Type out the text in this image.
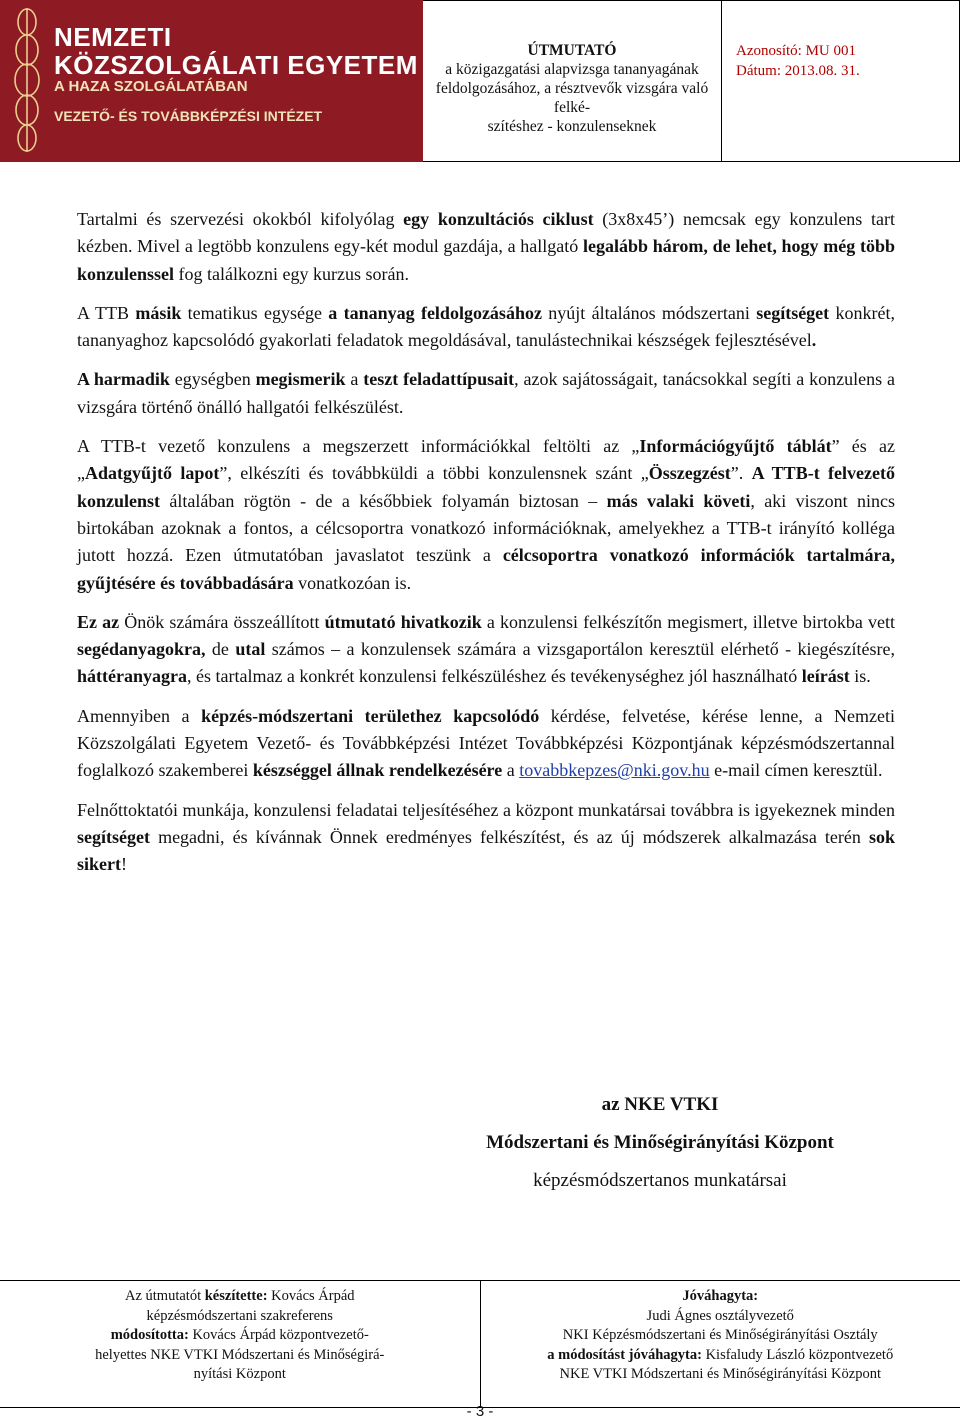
NEMZETI
KÖZSZOLGÁLATI EGYETEM
A HAZA SZOLGÁLATÁBAN
VEZETŐ- ÉS TOVÁBBKÉPZÉSI INTÉZET
ÚTMUTATÓ
a közigazgatási alapvizsga tananyagának
feldolgozásához, a résztvevők vizsgára való felké-
szítéshez - konzulenseknek
Azonosító: MU 001
Dátum: 2013.08. 31.

Tartalmi és szervezési okokból kifolyólag egy konzultációs ciklust (3x8x45’) nemcsak egy konzulens tart kézben. Mivel a legtöbb konzulens egy-két modul gazdája, a hallgató legalább három, de lehet, hogy még több konzulenssel fog találkozni egy kurzus során.

A TTB másik tematikus egysége a tananyag feldolgozásához nyújt általános módszertani segítséget konkrét, tananyaghoz kapcsolódó gyakorlati feladatok megoldásával, tanulástechnikai készségek fejlesztésével.

A harmadik egységben megismerik a teszt feladattípusait, azok sajátosságait, tanácsokkal segíti a konzulens a vizsgára történő önálló hallgatói felkészülést.

A TTB-t vezető konzulens a megszerzett információkkal feltölti az „Információgyűjtő táblát” és az „Adatgyűjtő lapot”, elkészíti és továbbküldi a többi konzulensnek szánt „Összegzést”. A TTB-t felvezető konzulenst általában rögtön - de a későbbiek folyamán biztosan – más valaki követi, aki viszont nincs birtokában azoknak a fontos, a célcsoportra vonatkozó információknak, amelyekhez a TTB-t irányító kolléga jutott hozzá. Ezen útmutatóban javaslatot teszünk a célcsoportra vonatkozó információk tartalmára, gyűjtésére és továbbadására vonatkozóan is.

Ez az Önök számára összeállított útmutató hivatkozik a konzulensi felkészítőn megismert, illetve birtokba vett segédanyagokra, de utal számos – a konzulensek számára a vizsgaportálon keresztül elérhető - kiegészítésre, háttéranyagra, és tartalmaz a konkrét konzulensi felkészüléshez és tevékenységhez jól használható leírást is.

Amennyiben a képzés-módszertani területhez kapcsolódó kérdése, felvetése, kérése lenne, a Nemzeti Közszolgálati Egyetem Vezető- és Továbbképzési Intézet Továbbképzési Központjának képzésmódszertannal foglalkozó szakemberei készséggel állnak rendelkezésére a tovabbkepzes@nki.gov.hu e-mail címen keresztül.

Felnőttoktatói munkája, konzulensi feladatai teljesítéséhez a központ munkatársai továbbra is igyekeznek minden segítséget megadni, és kívánnak Önnek eredményes felkészítést, és az új módszerek alkalmazása terén sok sikert!

az NKE VTKI
Módszertani és Minőségirányítási Központ
képzésmódszertanos munkatársai
Az útmutatót készítette: Kovács Árpád
képzésmódszertani szakreferens
módosította: Kovács Árpád központvezető-
helyettes NKE VTKI Módszertani és Minőségirá-
nyítási Központ
Jóváhagyta:
Judi Ágnes osztályvezető
NKI Képzésmódszertani és Minőségirányítási Osztály
a módosítást jóváhagyta: Kisfaludy László központvezető
NKE VTKI Módszertani és Minőségirányítási Központ
- 3 -
